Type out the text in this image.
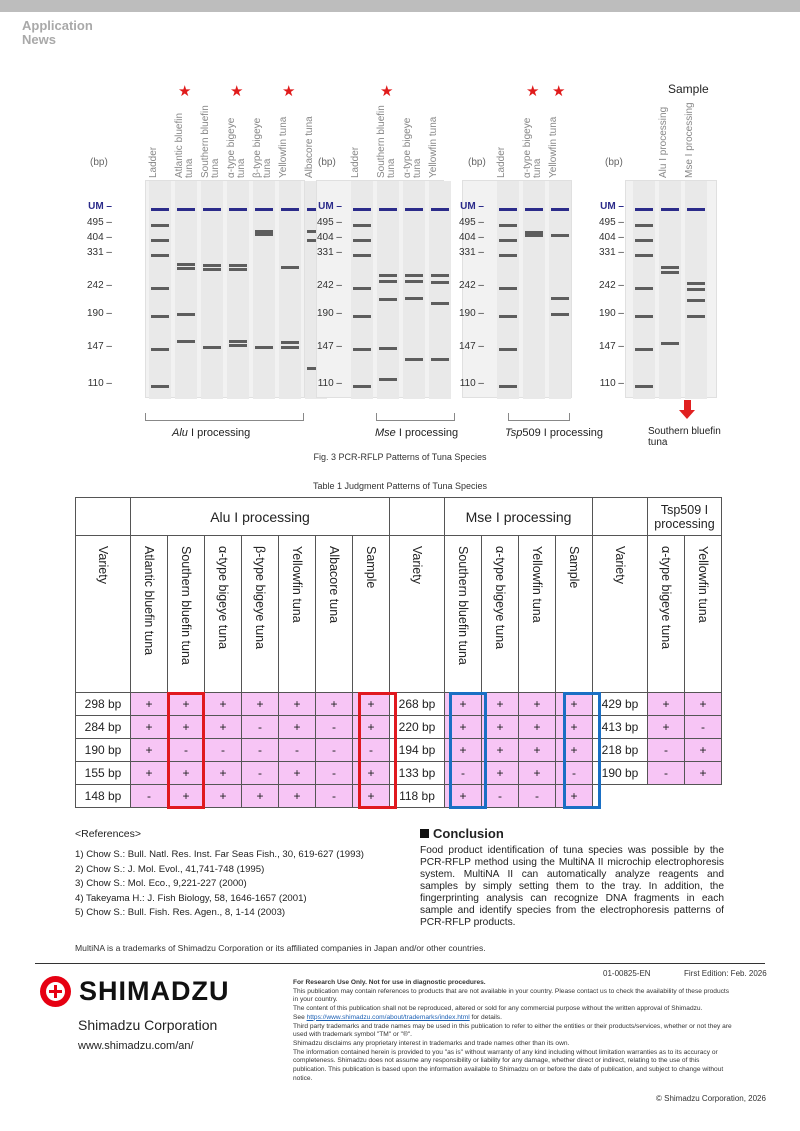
Application
News
(bp)
UM –
495 –
404 –
331 –
242 –
190 –
147 –
110 –
Ladder Atlantic bluefin
tuna Southern bluefin
tuna α-type bigeye
tuna β-type bigeye
tuna Yellowfin tuna Albacore tuna
★	★	★
Alu I processing
(bp)
UM –
495 –
404 –
331 –
242 –
190 –
147 –
110 –
Ladder Southern bluefin
tuna α-type bigeye
tuna Yellowfin tuna
★
Mse I processing
(bp)
UM –
495 –
404 –
331 –
242 –
190 –
147 –
110 –
Ladder α-type bigeye
tuna Yellowfin tuna
★ ★
Tsp509 I processing
(bp)
UM –
495 –
404 –
331 –
242 –
190 –
147 –
110 –
Alu I processing Mse I processing
Sample
Southern bluefin
tuna
Fig. 3 PCR-RFLP Patterns of Tuna Species
Table 1 Judgment Patterns of Tuna Species
	Alu I processing								Mse I processing					Tsp509 I
processing	

Variety	Atlantic bluefin tuna	Southern bluefin tuna	α-type bigeye tuna	β-type bigeye tuna	Yellowfin tuna	Albacore tuna	Sample	Variety	Southern bluefin tuna	α-type bigeye tuna	Yellowfin tuna	Sample	Variety	α-type bigeye tuna	Yellowfin tuna
298 bp	+	+	+	+	+	+	+	268 bp	+	+	+	+	429 bp	+	+
284 bp	+	+	+	-	+	-	+	220 bp	+	+	+	+	413 bp	+	-
190 bp	+	-	-	-	-	-	-	194 bp	+	+	+	+	218 bp	-	+
155 bp	+	+	+	-	+	-	+	133 bp	-	+	+	-	190 bp	-	+
148 bp	-	+	+	+	+	-	+	118 bp	+	-	-	+			
<References>
1) Chow S.: Bull. Natl. Res. Inst. Far Seas Fish., 30, 619-627 (1993)
2) Chow S.: J. Mol. Evol., 41,741-748 (1995)
3) Chow S.: Mol. Eco., 9,221-227 (2000)
4) Takeyama H.: J. Fish Biology, 58, 1646-1657 (2001)
5) Chow S.: Bull. Fish. Res. Agen., 8, 1-14 (2003)
Conclusion

Food product identification of tuna species was possible by the PCR-RFLP method using the MultiNA II microchip electrophoresis system. MultiNA II can automatically analyze reagents and samples by simply setting them to the tray. In addition, the fingerprinting analysis can recognize DNA fragments in each sample and identify species from the electrophoresis patterns of PCR-RFLP products.

MultiNA is a trademarks of Shimadzu Corporation or its affiliated companies in Japan and/or other countries.
SHIMADZU
Shimadzu Corporation
www.shimadzu.com/an/
01-00825-EN	First Edition: Feb. 2026
For Research Use Only. Not for use in diagnostic procedures.
This publication may contain references to products that are not available in your country. Please contact us to check the availability of these products in your country.
The content of this publication shall not be reproduced, altered or sold for any commercial purpose without the written approval of Shimadzu.
See https://www.shimadzu.com/about/trademarks/index.html for details.
Third party trademarks and trade names may be used in this publication to refer to either the entities or their products/services, whether or not they are used with trademark symbol "TM" or "®".
Shimadzu disclaims any proprietary interest in trademarks and trade names other than its own.
The information contained herein is provided to you "as is" without warranty of any kind including without limitation warranties as to its accuracy or completeness. Shimadzu does not assume any responsibility or liability for any damage, whether direct or indirect, relating to the use of this publication. This publication is based upon the information available to Shimadzu on or before the date of publication, and subject to change without notice.
© Shimadzu Corporation, 2026
